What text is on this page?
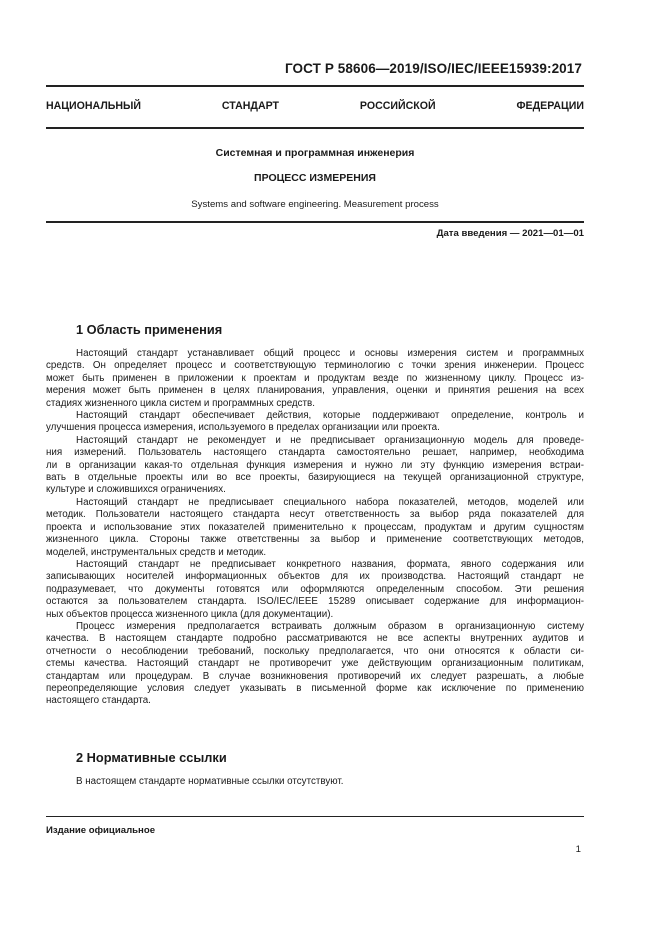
ГОСТ Р 58606—2019/ISO/IEC/IEEE15939:2017
НАЦИОНАЛЬНЫЙ	СТАНДАРТ	РОССИЙСКОЙ	ФЕДЕРАЦИИ
Системная и программная инженерия
ПРОЦЕСС ИЗМЕРЕНИЯ
Systems and software engineering. Measurement process
Дата введения — 2021—01—01
1 Область применения

Настоящий стандарт устанавливает общий процесс и основы измерения систем и программных
средств. Он определяет процесс и соответствующую терминологию с точки зрения инженерии. Процесс
может быть применен в приложении к проектам и продуктам везде по жизненному циклу. Процесс из-
мерения может быть применен в целях планирования, управления, оценки и принятия решения на всех
стадиях жизненного цикла систем и программных средств.

Настоящий стандарт обеспечивает действия, которые поддерживают определение, контроль и
улучшения процесса измерения, используемого в пределах организации или проекта.

Настоящий стандарт не рекомендует и не предписывает организационную модель для проведе-
ния измерений. Пользователь настоящего стандарта самостоятельно решает, например, необходима
ли в организации какая-то отдельная функция измерения и нужно ли эту функцию измерения встраи-
вать в отдельные проекты или во все проекты, базирующиеся на текущей организационной структуре,
культуре и сложившихся ограничениях.

Настоящий стандарт не предписывает специального набора показателей, методов, моделей или
методик. Пользователи настоящего стандарта несут ответственность за выбор ряда показателей для
проекта и использование этих показателей применительно к процессам, продуктам и другим сущностям
жизненного цикла. Стороны также ответственны за выбор и применение соответствующих методов,
моделей, инструментальных средств и методик.

Настоящий стандарт не предписывает конкретного названия, формата, явного содержания или
записывающих носителей информационных объектов для их производства. Настоящий стандарт не
подразумевает, что документы готовятся или оформляются определенным способом. Эти решения
остаются за пользователем стандарта. ISO/IEC/IEEE 15289 описывает содержание для информацион-
ных объектов процесса жизненного цикла (для документации).

Процесс измерения предполагается встраивать должным образом в организационную систему
качества. В настоящем стандарте подробно рассматриваются не все аспекты внутренних аудитов и
отчетности о несоблюдении требований, поскольку предполагается, что они относятся к области си-
стемы качества. Настоящий стандарт не противоречит уже действующим организационным политикам,
стандартам или процедурам. В случае возникновения противоречий их следует разрешать, а любые
переопределяющие условия следует указывать в письменной форме как исключение по применению
настоящего стандарта.

2 Нормативные ссылки

В настоящем стандарте нормативные ссылки отсутствуют.

Издание официальное
1
